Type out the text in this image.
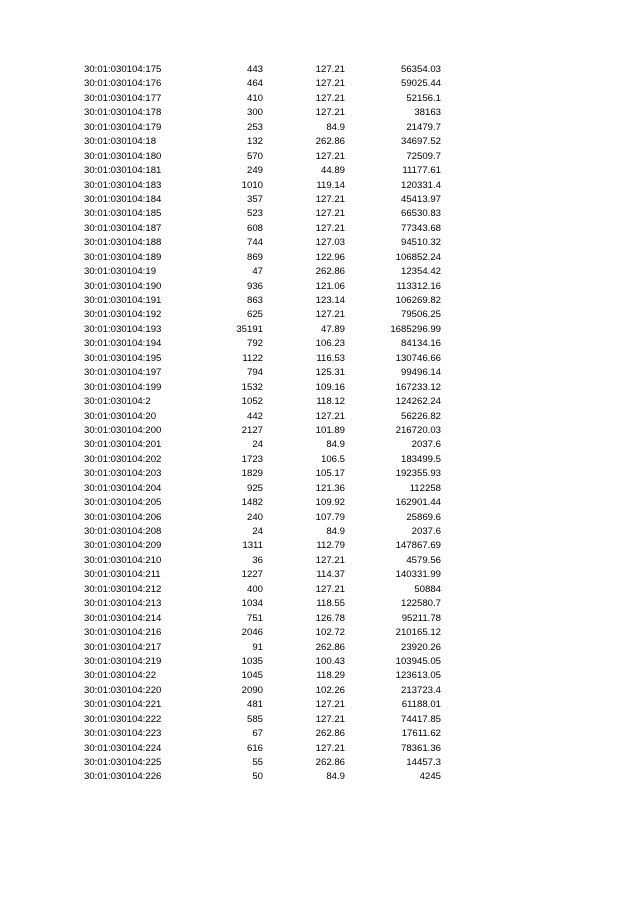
30:01:030104:175	443	127.21	56354.03
30:01:030104:176	464	127.21	59025.44
30:01:030104:177	410	127.21	52156.1
30:01:030104:178	300	127.21	38163
30:01:030104:179	253	84.9	21479.7
30:01:030104:18	132	262.86	34697.52
30:01:030104:180	570	127.21	72509.7
30:01:030104:181	249	44.89	11177.61
30:01:030104:183	1010	119.14	120331.4
30:01:030104:184	357	127.21	45413.97
30:01:030104:185	523	127.21	66530.83
30:01:030104:187	608	127.21	77343.68
30:01:030104:188	744	127.03	94510.32
30:01:030104:189	869	122.96	106852.24
30:01:030104:19	47	262.86	12354.42
30:01:030104:190	936	121.06	113312.16
30:01:030104:191	863	123.14	106269.82
30:01:030104:192	625	127.21	79506.25
30:01:030104:193	35191	47.89	1685296.99
30:01:030104:194	792	106.23	84134.16
30:01:030104:195	1122	116.53	130746.66
30:01:030104:197	794	125.31	99496.14
30:01:030104:199	1532	109.16	167233.12
30:01:030104:2	1052	118.12	124262.24
30:01:030104:20	442	127.21	56226.82
30:01:030104:200	2127	101.89	216720.03
30:01:030104:201	24	84.9	2037.6
30:01:030104:202	1723	106.5	183499.5
30:01:030104:203	1829	105.17	192355.93
30:01:030104:204	925	121.36	112258
30:01:030104:205	1482	109.92	162901.44
30:01:030104:206	240	107.79	25869.6
30:01:030104:208	24	84.9	2037.6
30:01:030104:209	1311	112.79	147867.69
30:01:030104:210	36	127.21	4579.56
30:01:030104:211	1227	114.37	140331.99
30:01:030104:212	400	127.21	50884
30:01:030104:213	1034	118.55	122580.7
30:01:030104:214	751	126.78	95211.78
30:01:030104:216	2046	102.72	210165.12
30:01:030104:217	91	262.86	23920.26
30:01:030104:219	1035	100.43	103945.05
30:01:030104:22	1045	118.29	123613.05
30:01:030104:220	2090	102.26	213723.4
30:01:030104:221	481	127.21	61188.01
30:01:030104:222	585	127.21	74417.85
30:01:030104:223	67	262.86	17611.62
30:01:030104:224	616	127.21	78361.36
30:01:030104:225	55	262.86	14457.3
30:01:030104:226	50	84.9	4245
